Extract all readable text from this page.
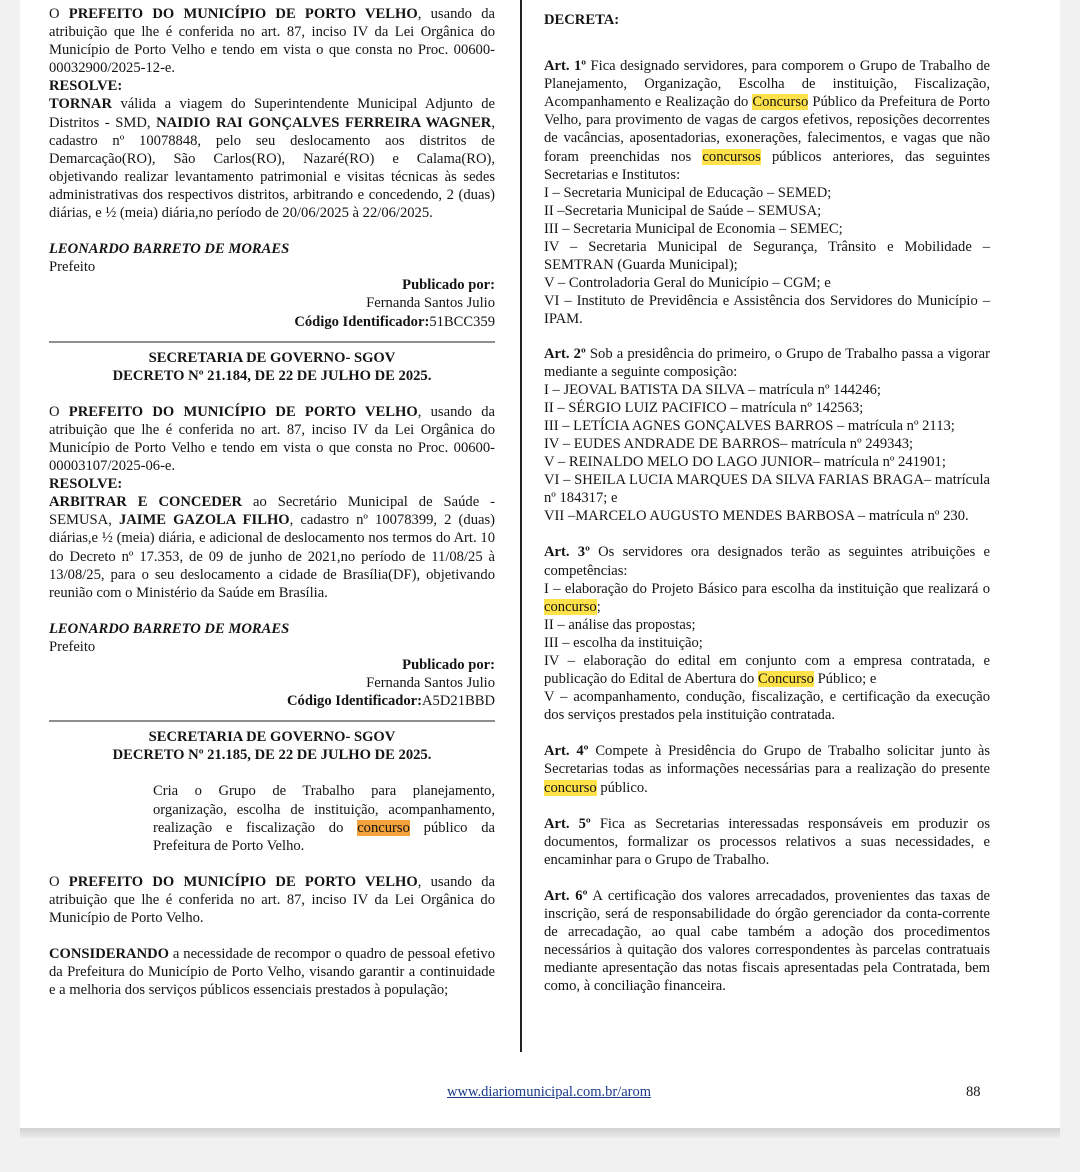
O PREFEITO DO MUNICÍPIO DE PORTO VELHO, usando da atribuição que lhe é conferida no art. 87, inciso IV da Lei Orgânica do Município de Porto Velho e tendo em vista o que consta no Proc. 00600-00032900/2025-12-e.

RESOLVE:

TORNAR válida a viagem do Superintendente Municipal Adjunto de Distritos - SMD, NAIDIO RAI GONÇALVES FERREIRA WAGNER, cadastro nº 10078848, pelo seu deslocamento aos distritos de Demarcação(RO), São Carlos(RO), Nazaré(RO) e Calama(RO), objetivando realizar levantamento patrimonial e visitas técnicas às sedes administrativas dos respectivos distritos, arbitrando e concedendo, 2 (duas) diárias, e ½ (meia) diária,no período de 20/06/2025 à 22/06/2025.

LEONARDO BARRETO DE MORAES

Prefeito

Publicado por:

Fernanda Santos Julio

Código Identificador:51BCC359

SECRETARIA DE GOVERNO- SGOV

DECRETO Nº 21.184, DE 22 DE JULHO DE 2025.

O PREFEITO DO MUNICÍPIO DE PORTO VELHO, usando da atribuição que lhe é conferida no art. 87, inciso IV da Lei Orgânica do Município de Porto Velho e tendo em vista o que consta no Proc. 00600-00003107/2025-06-e.

RESOLVE:

ARBITRAR E CONCEDER ao Secretário Municipal de Saúde - SEMUSA, JAIME GAZOLA FILHO, cadastro nº 10078399, 2 (duas) diárias,e ½ (meia) diária, e adicional de deslocamento nos termos do Art. 10 do Decreto nº 17.353, de 09 de junho de 2021,no período de 11/08/25 à 13/08/25, para o seu deslocamento a cidade de Brasília(DF), objetivando reunião com o Ministério da Saúde em Brasília.

LEONARDO BARRETO DE MORAES

Prefeito

Publicado por:

Fernanda Santos Julio

Código Identificador:A5D21BBD

SECRETARIA DE GOVERNO- SGOV

DECRETO Nº 21.185, DE 22 DE JULHO DE 2025.

Cria o Grupo de Trabalho para planejamento, organização, escolha de instituição, acompanhamento, realização e fiscalização do concurso público da Prefeitura de Porto Velho.

O PREFEITO DO MUNICÍPIO DE PORTO VELHO, usando da atribuição que lhe é conferida no art. 87, inciso IV da Lei Orgânica do Município de Porto Velho.

CONSIDERANDO a necessidade de recompor o quadro de pessoal efetivo da Prefeitura do Município de Porto Velho, visando garantir a continuidade e a melhoria dos serviços públicos essenciais prestados à população;

DECRETA:

Art. 1º Fica designado servidores, para comporem o Grupo de Trabalho de Planejamento, Organização, Escolha de instituição, Fiscalização, Acompanhamento e Realização do Concurso Público da Prefeitura de Porto Velho, para provimento de vagas de cargos efetivos, reposições decorrentes de vacâncias, aposentadorias, exonerações, falecimentos, e vagas que não foram preenchidas nos concursos públicos anteriores, das seguintes Secretarias e Institutos:

I – Secretaria Municipal de Educação – SEMED;

II –Secretaria Municipal de Saúde – SEMUSA;

III – Secretaria Municipal de Economia – SEMEC;

IV – Secretaria Municipal de Segurança, Trânsito e Mobilidade – SEMTRAN (Guarda Municipal);

V – Controladoria Geral do Município – CGM; e

VI – Instituto de Previdência e Assistência dos Servidores do Município – IPAM.

Art. 2º Sob a presidência do primeiro, o Grupo de Trabalho passa a vigorar mediante a seguinte composição:

I – JEOVAL BATISTA DA SILVA – matrícula nº 144246;

II – SÉRGIO LUIZ PACIFICO – matrícula nº 142563;

III – LETÍCIA AGNES GONÇALVES BARROS – matrícula nº 2113;

IV – EUDES ANDRADE DE BARROS– matrícula nº 249343;

V – REINALDO MELO DO LAGO JUNIOR– matrícula nº 241901;

VI – SHEILA LUCIA MARQUES DA SILVA FARIAS BRAGA– matrícula nº 184317; e

VII –MARCELO AUGUSTO MENDES BARBOSA – matrícula nº 230.

Art. 3º Os servidores ora designados terão as seguintes atribuições e competências:

I – elaboração do Projeto Básico para escolha da instituição que realizará o concurso;

II – análise das propostas;

III – escolha da instituição;

IV – elaboração do edital em conjunto com a empresa contratada, e publicação do Edital de Abertura do Concurso Público; e

V – acompanhamento, condução, fiscalização, e certificação da execução dos serviços prestados pela instituição contratada.

Art. 4º Compete à Presidência do Grupo de Trabalho solicitar junto às Secretarias todas as informações necessárias para a realização do presente concurso público.

Art. 5º Fica as Secretarias interessadas responsáveis em produzir os documentos, formalizar os processos relativos a suas necessidades, e encaminhar para o Grupo de Trabalho.

Art. 6º A certificação dos valores arrecadados, provenientes das taxas de inscrição, será de responsabilidade do órgão gerenciador da conta-corrente de arrecadação, ao qual cabe também a adoção dos procedimentos necessários à quitação dos valores correspondentes às parcelas contratuais mediante apresentação das notas fiscais apresentadas pela Contratada, bem como, à conciliação financeira.

www.diariomunicipal.com.br/arom	88
